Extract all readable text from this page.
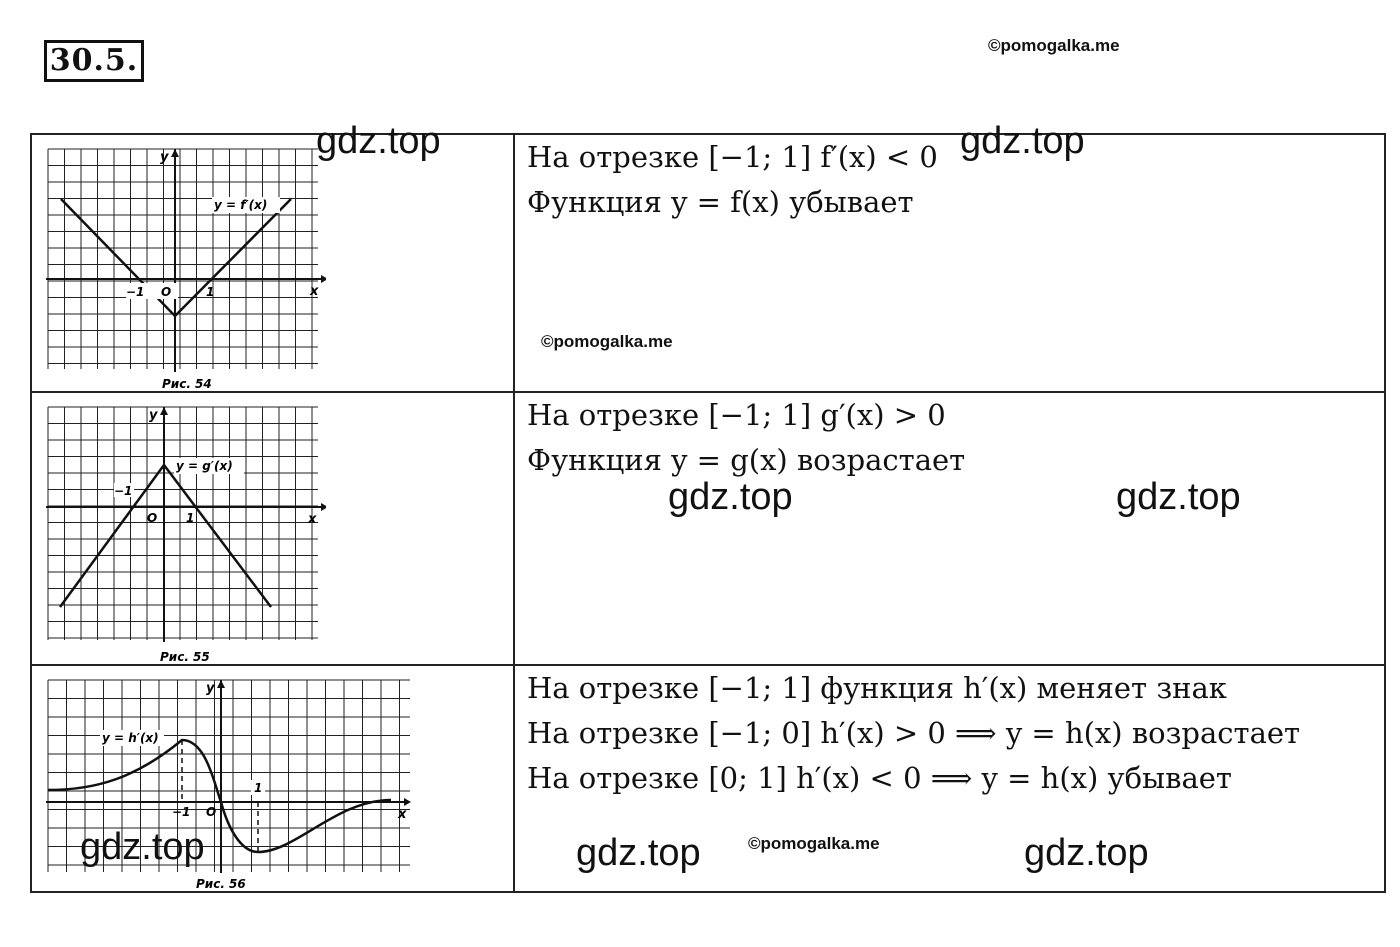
30.5.	©pomogalka.me
−1 O	1	x
y
y = f′(x)
Рис. 54
На отрезке [−1; 1] f′(x) < 0
Функция y = f(x) убывает
−1
O 1	x
y
y = g′(x)
Рис. 55
На отрезке [−1; 1] g′(x) > 0
Функция y = g(x) возрастает
−1 O
1
x
y
y = h′(x)
Рис. 56
На отрезке [−1; 1] функция h′(x) меняет знак
На отрезке [−1; 0] h′(x) > 0 ⟹ y = h(x) возрастает
На отрезке [0; 1] h′(x) < 0 ⟹ y = h(x) убывает
gdz.top	gdz.top
©pomogalka.me
gdz.top	gdz.top
gdz.top	gdz.top	©pomogalka.me	gdz.top
